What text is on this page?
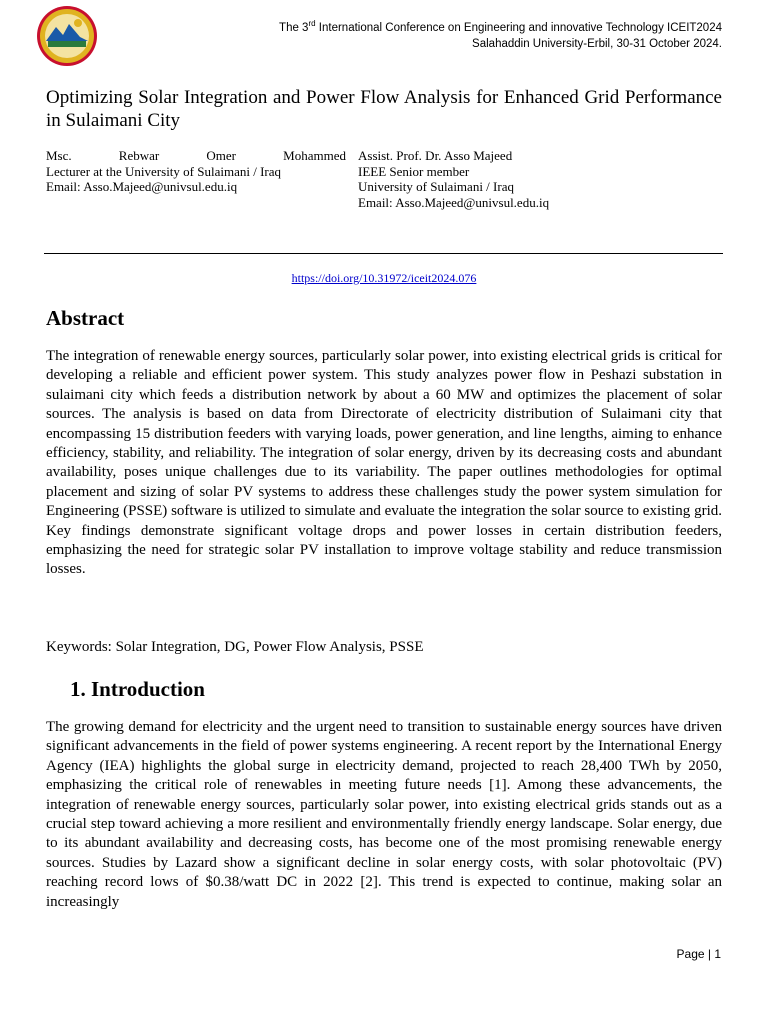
The 3rd International Conference on Engineering and innovative Technology ICEIT2024
Salahaddin University-Erbil, 30-31 October 2024.
Optimizing Solar Integration and Power Flow Analysis for Enhanced Grid Performance in Sulaimani City
Msc.	Rebwar	Omer	Mohammed
Lecturer at the University of Sulaimani / Iraq
Email: Asso.Majeed@univsul.edu.iq
Assist. Prof. Dr. Asso Majeed
IEEE Senior member
University of Sulaimani / Iraq
Email: Asso.Majeed@univsul.edu.iq
https://doi.org/10.31972/iceit2024.076
Abstract

The integration of renewable energy sources, particularly solar power, into existing electrical grids is critical for developing a reliable and efficient power system. This study analyzes power flow in Peshazi substation in sulaimani city which feeds a distribution network by about a 60 MW and optimizes the placement of solar sources. The analysis is based on data from Directorate of electricity distribution of Sulaimani city that encompassing 15 distribution feeders with varying loads, power generation, and line lengths, aiming to enhance efficiency, stability, and reliability. The integration of solar energy, driven by its decreasing costs and abundant availability, poses unique challenges due to its variability. The paper outlines methodologies for optimal placement and sizing of solar PV systems to address these challenges study the power system simulation for Engineering (PSSE) software is utilized to simulate and evaluate the integration the solar source to existing grid. Key findings demonstrate significant voltage drops and power losses in certain distribution feeders, emphasizing the need for strategic solar PV installation to improve voltage stability and reduce transmission losses.

Keywords: Solar Integration, DG, Power Flow Analysis, PSSE

1. Introduction

The growing demand for electricity and the urgent need to transition to sustainable energy sources have driven significant advancements in the field of power systems engineering. A recent report by the International Energy Agency (IEA) highlights the global surge in electricity demand, projected to reach 28,400 TWh by 2050, emphasizing the critical role of renewables in meeting future needs [1]. Among these advancements, the integration of renewable energy sources, particularly solar power, into existing electrical grids stands out as a crucial step toward achieving a more resilient and environmentally friendly energy landscape. Solar energy, due to its abundant availability and decreasing costs, has become one of the most promising renewable energy sources. Studies by Lazard show a significant decline in solar energy costs, with solar photovoltaic (PV) reaching record lows of $0.38/watt DC in 2022 [2]. This trend is expected to continue, making solar an increasingly

Page | 1
